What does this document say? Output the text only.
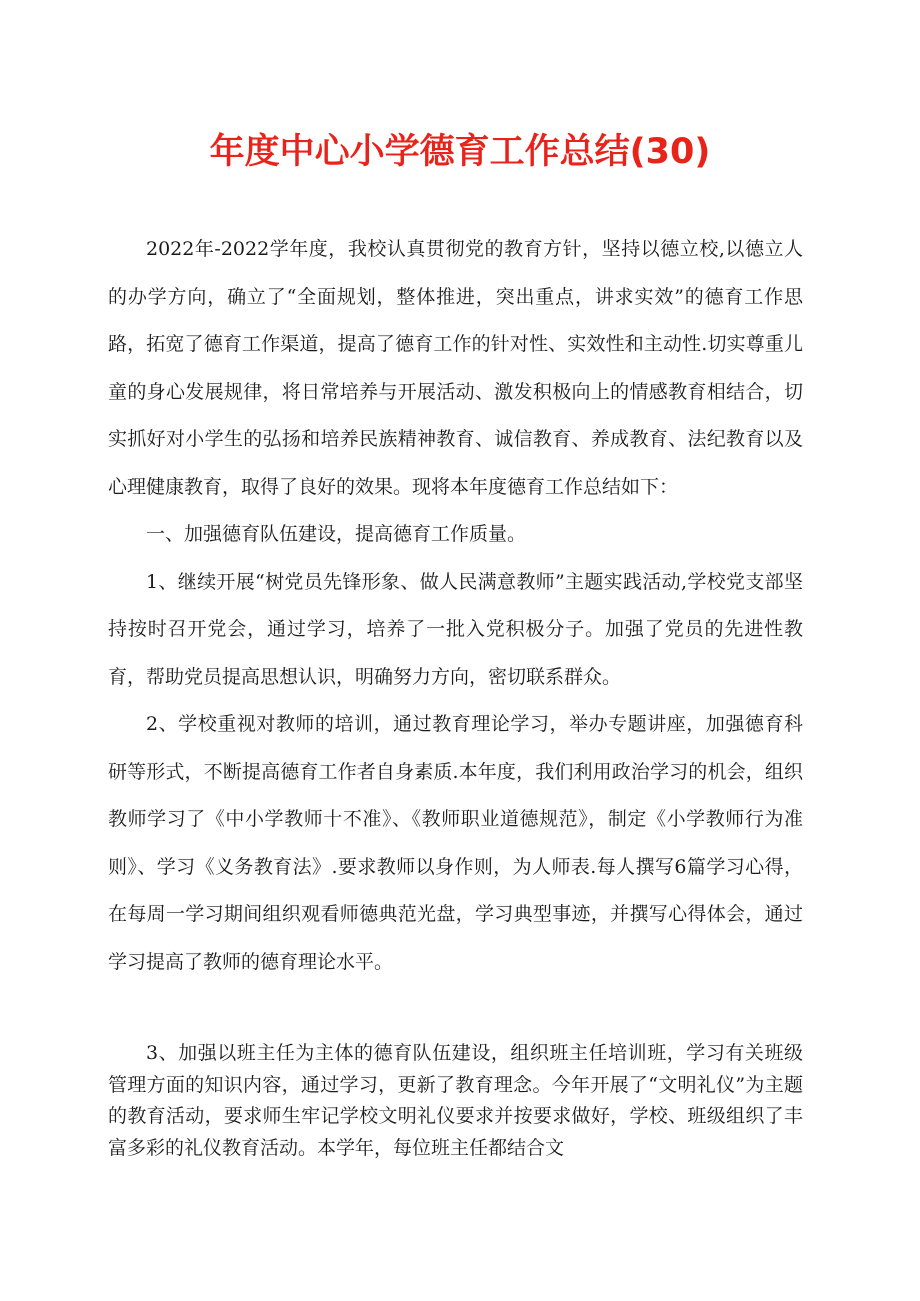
年度中心小学德育工作总结(30)

2022年-2022学年度，我校认真贯彻党的教育方针，坚持以德立校,以德立人的办学方向，确立了“全面规划，整体推进，突出重点，讲求实效”的德育工作思路，拓宽了德育工作渠道，提高了德育工作的针对性、实效性和主动性.切实尊重儿童的身心发展规律，将日常培养与开展活动、激发积极向上的情感教育相结合，切实抓好对小学生的弘扬和培养民族精神教育、诚信教育、养成教育、法纪教育以及心理健康教育，取得了良好的效果。现将本年度德育工作总结如下：

一、加强德育队伍建设，提高德育工作质量。

1、继续开展“树党员先锋形象、做人民满意教师”主题实践活动,学校党支部坚持按时召开党会，通过学习，培养了一批入党积极分子。加强了党员的先进性教育，帮助党员提高思想认识，明确努力方向，密切联系群众。

2、学校重视对教师的培训，通过教育理论学习，举办专题讲座，加强德育科研等形式，不断提高德育工作者自身素质.本年度，我们利用政治学习的机会，组织教师学习了《中小学教师十不准》、《教师职业道德规范》，制定《小学教师行为准则》、学习《义务教育法》.要求教师以身作则，为人师表.每人撰写6篇学习心得，在每周一学习期间组织观看师德典范光盘，学习典型事迹，并撰写心得体会，通过学习提高了教师的德育理论水平。

3、加强以班主任为主体的德育队伍建设，组织班主任培训班，学习有关班级管理方面的知识内容，通过学习，更新了教育理念。今年开展了“文明礼仪”为主题的教育活动，要求师生牢记学校文明礼仪要求并按要求做好，学校、班级组织了丰富多彩的礼仪教育活动。本学年，每位班主任都结合文
